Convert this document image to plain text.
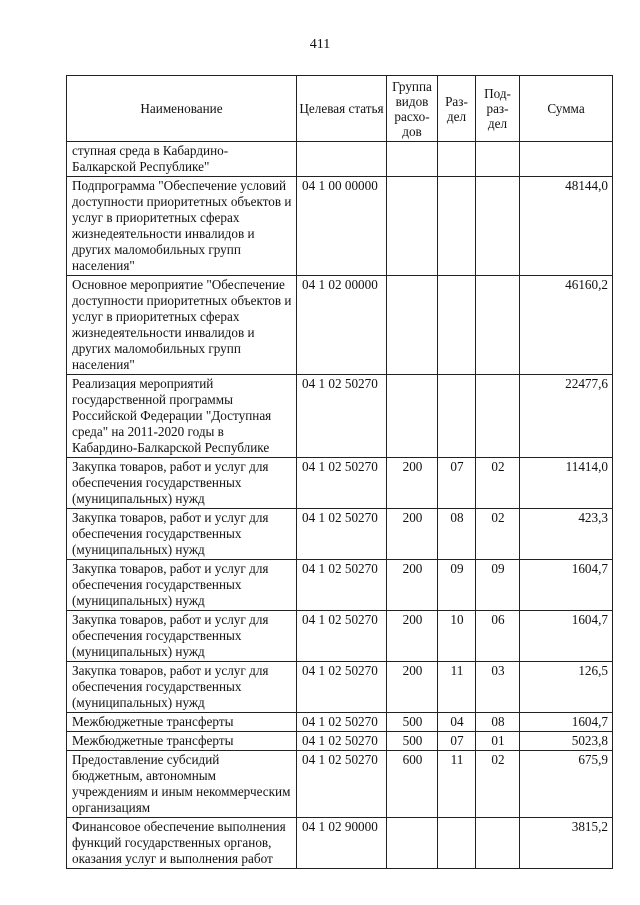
411
Наименование	Целевая статья	Группа видов расхо-дов	Раз-дел	Под-раз-дел	Сумма
ступная среда в Кабардино-Балкарской Республике"					
Подпрограмма "Обеспечение условий доступности приоритетных объектов и услуг в приоритетных сферах жизнедеятельности инвалидов и других маломобильных групп населения"	04 1 00 00000				48144,0
Основное мероприятие "Обеспечение доступности приоритетных объектов и услуг в приоритетных сферах жизнедеятельности инвалидов и других маломобильных групп населения"	04 1 02 00000				46160,2
Реализация мероприятий государственной программы Российской Федерации "Доступная среда" на 2011-2020 годы в Кабардино-Балкарской Республике	04 1 02 50270				22477,6
Закупка товаров, работ и услуг для обеспечения государственных (муниципальных) нужд	04 1 02 50270	200	07	02	11414,0
Закупка товаров, работ и услуг для обеспечения государственных (муниципальных) нужд	04 1 02 50270	200	08	02	423,3
Закупка товаров, работ и услуг для обеспечения государственных (муниципальных) нужд	04 1 02 50270	200	09	09	1604,7
Закупка товаров, работ и услуг для обеспечения государственных (муниципальных) нужд	04 1 02 50270	200	10	06	1604,7
Закупка товаров, работ и услуг для обеспечения государственных (муниципальных) нужд	04 1 02 50270	200	11	03	126,5
Межбюджетные трансферты	04 1 02 50270	500	04	08	1604,7
Межбюджетные трансферты	04 1 02 50270	500	07	01	5023,8
Предоставление субсидий бюджетным, автономным учреждениям и иным некоммерческим организациям	04 1 02 50270	600	11	02	675,9
Финансовое обеспечение выполнения функций государственных органов, оказания услуг и выполнения работ	04 1 02 90000				3815,2
